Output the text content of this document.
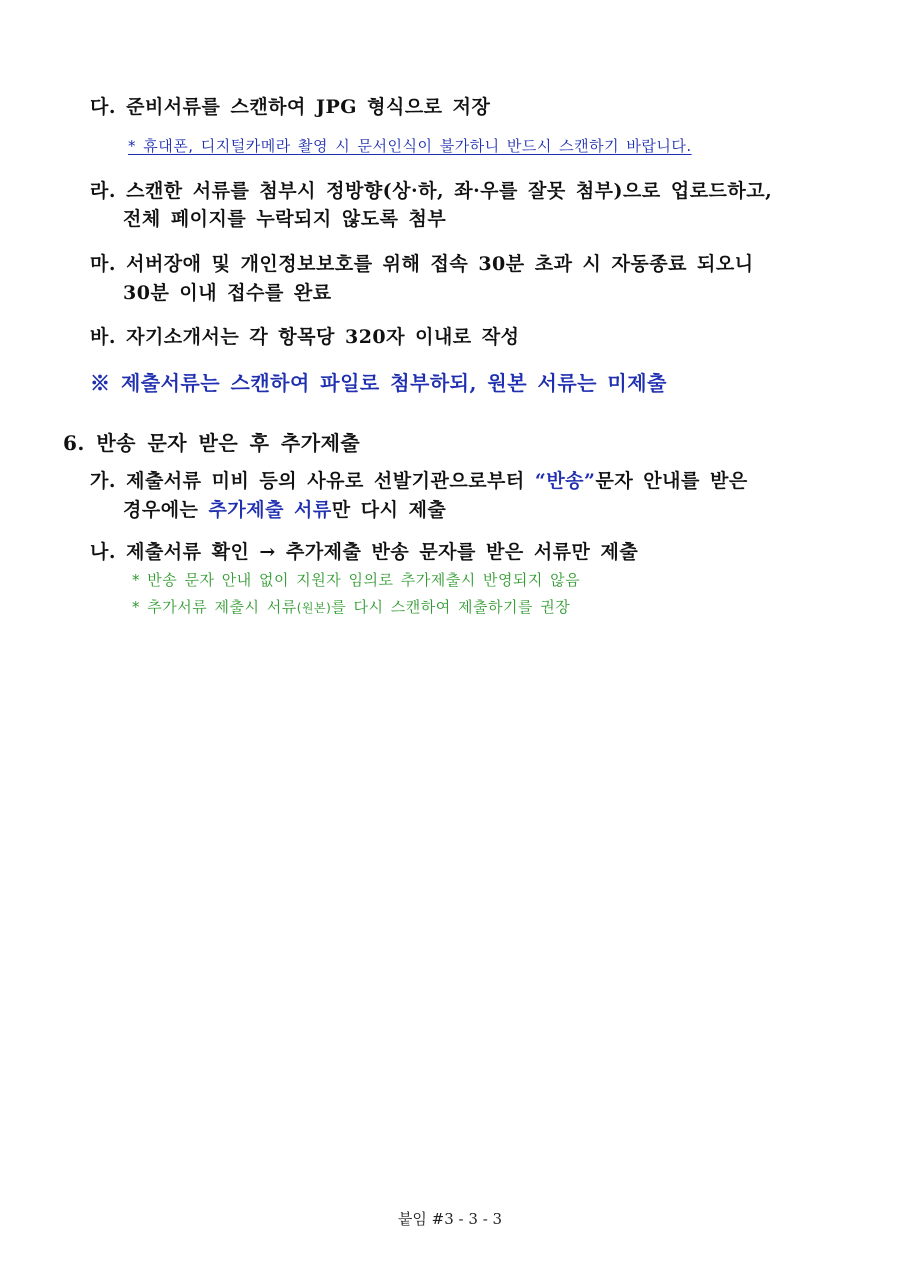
다. 준비서류를 스캔하여 JPG 형식으로 저장
* 휴대폰, 디지털카메라 촬영 시 문서인식이 불가하니 반드시 스캔하기 바랍니다.
라. 스캔한 서류를 첨부시 정방향(상·하, 좌·우를 잘못 첨부)으로 업로드하고,
전체 페이지를 누락되지 않도록 첨부
마. 서버장애 및 개인정보보호를 위해 접속 30분 초과 시 자동종료 되오니
30분 이내 접수를 완료
바. 자기소개서는 각 항목당 320자 이내로 작성
※ 제출서류는 스캔하여 파일로 첨부하되, 원본 서류는 미제출
6. 반송 문자 받은 후 추가제출
가. 제출서류 미비 등의 사유로 선발기관으로부터 “반송”문자 안내를 받은
경우에는 추가제출 서류만 다시 제출
나. 제출서류 확인 → 추가제출 반송 문자를 받은 서류만 제출
* 반송 문자 안내 없이 지원자 임의로 추가제출시 반영되지 않음
* 추가서류 제출시 서류(원본)를 다시 스캔하여 제출하기를 권장
붙임 #3 - 3 - 3
